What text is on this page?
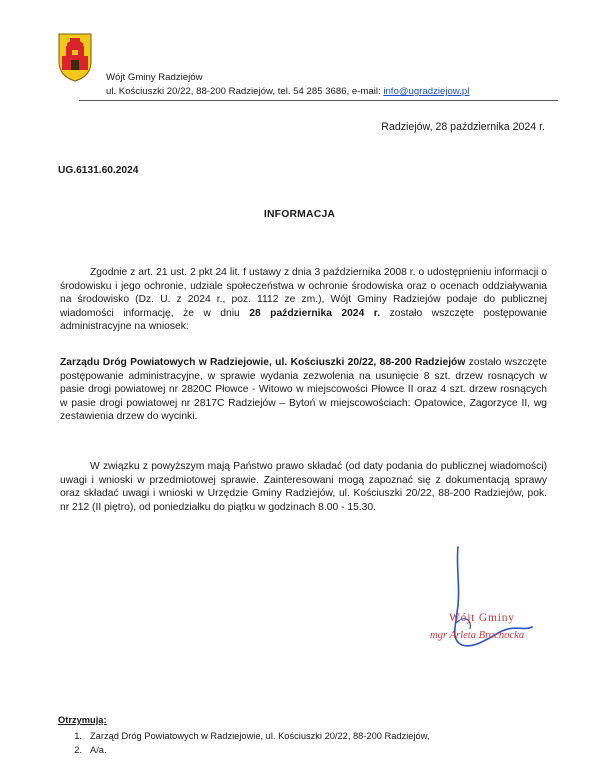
Wójt Gminy Radziejów
ul. Kościuszki 20/22, 88-200 Radziejów, tel. 54 285 3686, e-mail: info@ugradziejow.pl
Radziejów, 28 października 2024 r.
UG.6131.60.2024
INFORMACJA

Zgodnie z art. 21 ust. 2 pkt 24 lit. f ustawy z dnia 3 października 2008 r. o udostępnieniu informacji o środowisku i jego ochronie, udziale społeczeństwa w ochronie środowiska oraz o ocenach oddziaływania na środowisko (Dz. U. z 2024 r., poz. 1112 ze zm.), Wójt Gminy Radziejów podaje do publicznej wiadomości informację, że w dniu 28 października 2024 r. zostało wszczęte postępowanie administracyjne na wniosek:

Zarządu Dróg Powiatowych w Radziejowie, ul. Kościuszki 20/22, 88-200 Radziejów zostało wszczęte postępowanie administracyjne, w sprawie wydania zezwolenia na usunięcie 8 szt. drzew rosnących w pasie drogi powiatowej nr 2820C Płowce - Witowo w miejscowości Płowce II oraz 4 szt. drzew rosnących w pasie drogi powiatowej nr 2817C Radziejów – Bytoń w miejscowościach: Opatowice, Zagorzyce II, wg zestawienia drzew do wycinki.

W związku z powyższym mają Państwo prawo składać (od daty podania do publicznej wiadomości) uwagi i wnioski w przedmiotowej sprawie. Zainteresowani mogą zapoznać się z dokumentacją sprawy oraz składać uwagi i wnioski w Urzędzie Gminy Radziejów, ul. Kościuszki 20/22, 88-200 Radziejów, pok. nr 212 (II piętro), od poniedziałku do piątku w godzinach 8.00 - 15.30.

Wójt Gminy
mgr Arleta Brochocka
Otrzymują:
1. Zarząd Dróg Powiatowych w Radziejowie, ul. Kościuszki 20/22, 88-200 Radziejów,
2. A/a.
